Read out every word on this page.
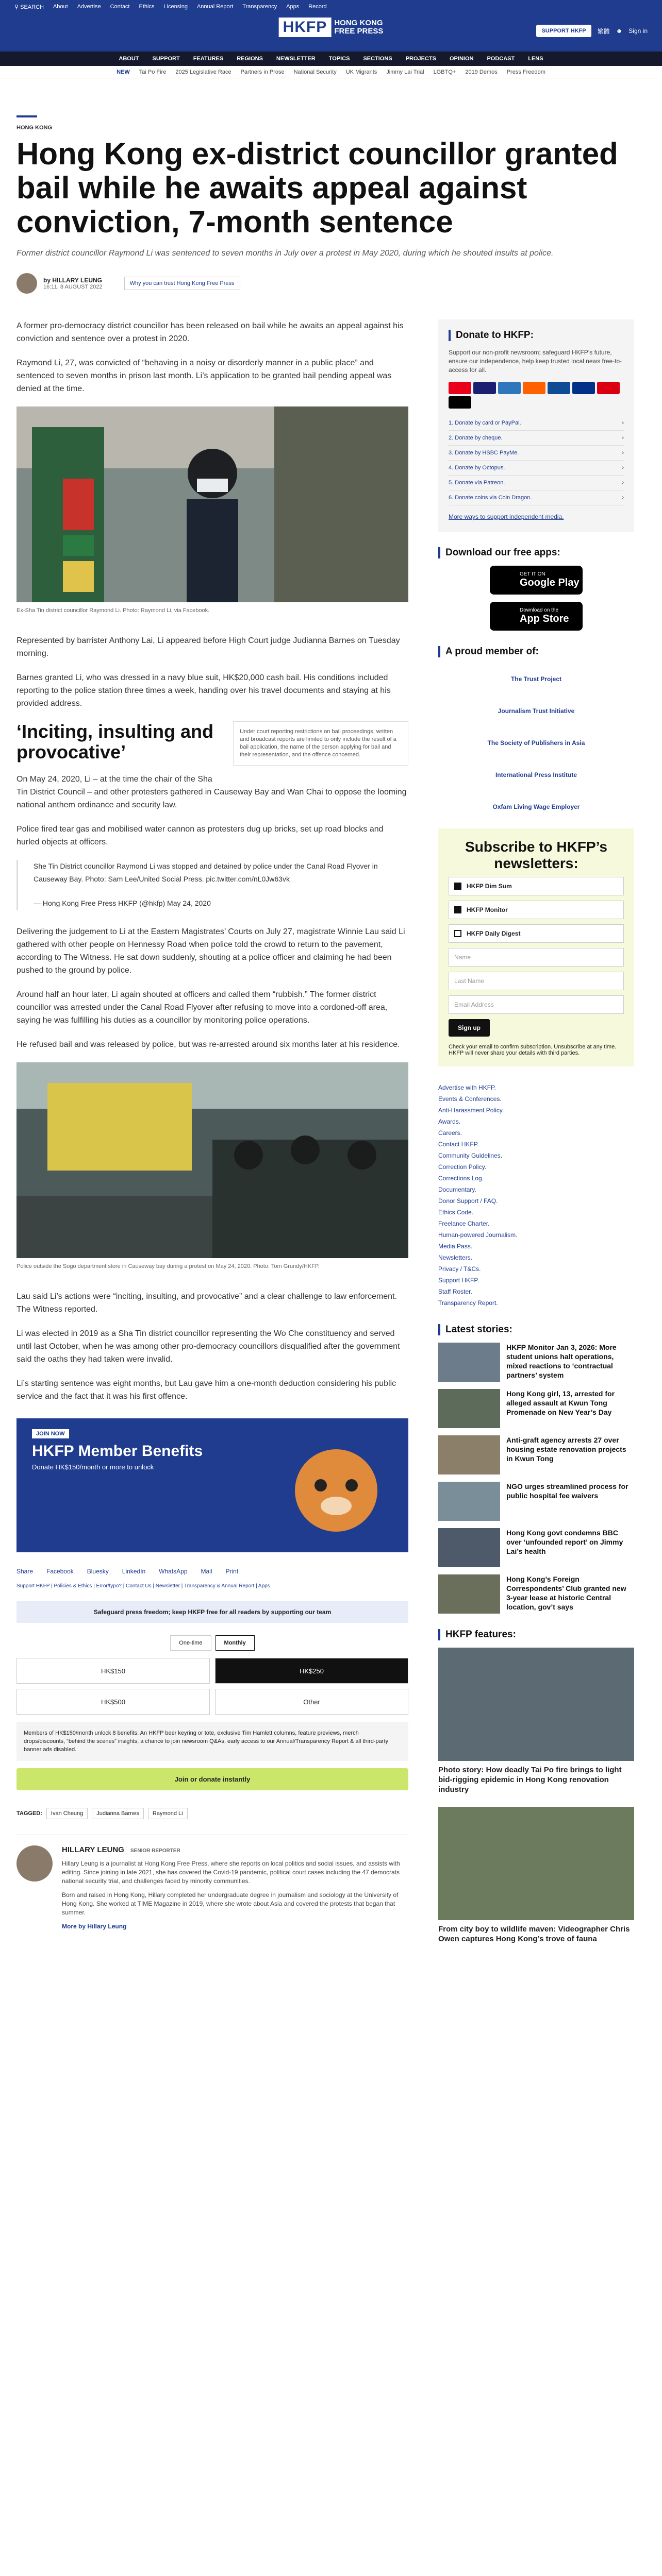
⚲ SEARCH About Advertise Contact Ethics Licensing Annual Report Transparency Apps Record
HKFP HONG KONG
FREE PRESS	SUPPORT HKFP	繁體 ☻ Sign in
ABOUT SUPPORT FEATURES REGIONS NEWSLETTER TOPICS SECTIONS PROJECTS OPINION PODCAST LENS
NEW Tai Po Fire 2025 Legislative Race Partners in Prose National Security UK Migrants Jimmy Lai Trial LGBTQ+ 2019 Demos Press Freedom
HONG KONG
Hong Kong ex-district councillor granted bail while he awaits appeal against conviction, 7-month sentence
Former district councillor Raymond Li was sentenced to seven months in July over a protest in May 2020, during which he shouted insults at police.
by HILLARY LEUNG
16:11, 8 AUGUST 2022
Why you can trust Hong Kong Free Press

A former pro-democracy district councillor has been released on bail while he awaits an appeal against his conviction and sentence over a protest in 2020.

Raymond Li, 27, was convicted of “behaving in a noisy or disorderly manner in a public place” and sentenced to seven months in prison last month. Li’s application to be granted bail pending appeal was denied at the time.

Ex-Sha Tin district councillor Raymond Li. Photo: Raymond Li, via Facebook.

Represented by barrister Anthony Lai, Li appeared before High Court judge Judianna Barnes on Tuesday morning.

Barnes granted Li, who was dressed in a navy blue suit, HK$20,000 cash bail. His conditions included reporting to the police station three times a week, handing over his travel documents and staying at his provided address.

Under court reporting restrictions on bail proceedings, written and broadcast reports are limited to only include the result of a bail application, the name of the person applying for bail and their representation, and the offence concerned.
‘Inciting, insulting and provocative’

On May 24, 2020, Li – at the time the chair of the Sha Tin District Council – and other protesters gathered in Causeway Bay and Wan Chai to oppose the looming national anthem ordinance and security law.

Police fired tear gas and mobilised water cannon as protesters dug up bricks, set up road blocks and hurled objects at officers.

She Tin District councillor Raymond Li was stopped and detained by police under the Canal Road Flyover in Causeway Bay. Photo: Sam Lee/United Social Press. pic.twitter.com/nL0Jw63vk

— Hong Kong Free Press HKFP (@hkfp) May 24, 2020

Delivering the judgement to Li at the Eastern Magistrates’ Courts on July 27, magistrate Winnie Lau said Li gathered with other people on Hennessy Road when police told the crowd to return to the pavement, according to The Witness. He sat down suddenly, shouting at a police officer and claiming he had been pushed to the ground by police.

Around half an hour later, Li again shouted at officers and called them “rubbish.” The former district councillor was arrested under the Canal Road Flyover after refusing to move into a cordoned-off area, saying he was fulfilling his duties as a councillor by monitoring police operations.

He refused bail and was released by police, but was re-arrested around six months later at his residence.

Police outside the Sogo department store in Causeway bay during a protest on May 24, 2020. Photo: Tom Grundy/HKFP.

Lau said Li’s actions were “inciting, insulting, and provocative” and a clear challenge to law enforcement. The Witness reported.

Li was elected in 2019 as a Sha Tin district councillor representing the Wo Che constituency and served until last October, when he was among other pro-democracy councillors disqualified after the government said the oaths they had taken were invalid.

Li’s starting sentence was eight months, but Lau gave him a one-month deduction considering his public service and the fact that it was his first offence.

JOIN NOW
HKFP Member Benefits
Donate HK$150/month or more to unlock
Share Facebook Bluesky LinkedIn WhatsApp Mail Print
Support HKFP | Policies & Ethics | Error/typo? | Contact Us | Newsletter | Transparency & Annual Report | Apps
Safeguard press freedom; keep HKFP free for all readers by supporting our team
One-time	Monthly
HK$150	HK$250
HK$500	Other
Members of HK$150/month unlock 8 benefits: An HKFP beer keyring or tote, exclusive Tim Hamlett columns, feature previews, merch drops/discounts, “behind the scenes” insights, a chance to join newsroom Q&As, early access to our Annual/Transparency Report & all third-party banner ads disabled.
Join or donate instantly
TAGGED:	Ivan Cheung	Judianna Barnes	Raymond Li
HILLARY LEUNG SENIOR REPORTER

Hillary Leung is a journalist at Hong Kong Free Press, where she reports on local politics and social issues, and assists with editing. Since joining in late 2021, she has covered the Covid-19 pandemic, political court cases including the 47 democrats national security trial, and challenges faced by minority communities.

Born and raised in Hong Kong, Hillary completed her undergraduate degree in journalism and sociology at the University of Hong Kong. She worked at TIME Magazine in 2019, where she wrote about Asia and covered the protests that began that summer.

More by Hillary Leung

Donate to HKFP:

Support our non-profit newsroom; safeguard HKFP’s future, ensure our independence, help keep trusted local news free-to-access for all.

1. Donate by card or PayPal.	›
2. Donate by cheque.	›
3. Donate by HSBC PayMe.	›
4. Donate by Octopus.	›
5. Donate via Patreon.	›
6. Donate coins via Coin Dragon.	›

More ways to support independent media.

Download our free apps:
GET IT ON
Google Play
Download on the
App Store
A proud member of:
The Trust Project
Journalism Trust Initiative
The Society of Publishers in Asia
International Press Institute
Oxfam Living Wage Employer
Subscribe to HKFP’s newsletters:
HKFP Dim Sum
HKFP Monitor
HKFP Daily Digest
Name
Last Name
Email Address
Sign up

Check your email to confirm subscription. Unsubscribe at any time. HKFP will never share your details with third parties.

Advertise with HKFP.
Events & Conferences.
Anti-Harassment Policy.
Awards.
Careers.
Contact HKFP.
Community Guidelines.
Correction Policy.
Corrections Log.
Documentary.
Donor Support / FAQ.
Ethics Code.
Freelance Charter.
Human-powered Journalism.
Media Pass.
Newsletters.
Privacy / T&Cs.
Support HKFP.
Staff Roster.
Transparency Report.
Latest stories:
HKFP Monitor Jan 3, 2026: More student unions halt operations, mixed reactions to ‘contractual partners’ system
Hong Kong girl, 13, arrested for alleged assault at Kwun Tong Promenade on New Year’s Day
Anti-graft agency arrests 27 over housing estate renovation projects in Kwun Tong
NGO urges streamlined process for public hospital fee waivers
Hong Kong govt condemns BBC over ‘unfounded report’ on Jimmy Lai’s health
Hong Kong’s Foreign Correspondents’ Club granted new 3-year lease at historic Central location, gov’t says
HKFP features:
Photo story: How deadly Tai Po fire brings to light bid-rigging epidemic in Hong Kong renovation industry
From city boy to wildlife maven: Videographer Chris Owen captures Hong Kong’s trove of fauna
